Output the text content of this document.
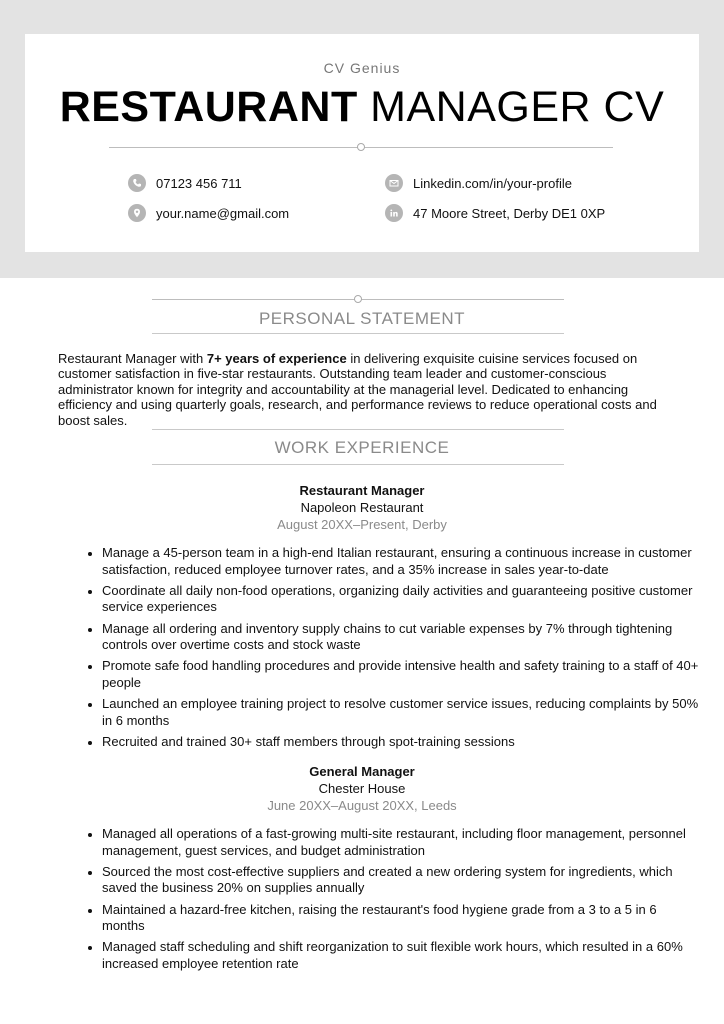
CV Genius
RESTAURANT MANAGER CV
07123 456 711
your.name@gmail.com
Linkedin.com/in/your-profile
47 Moore Street, Derby DE1 0XP
PERSONAL STATEMENT
Restaurant Manager with 7+ years of experience in delivering exquisite cuisine services focused on customer satisfaction in five-star restaurants. Outstanding team leader and customer-conscious administrator known for integrity and accountability at the managerial level. Dedicated to enhancing efficiency and using quarterly goals, research, and performance reviews to reduce operational costs and boost sales.
WORK EXPERIENCE
Restaurant Manager
Napoleon Restaurant
August 20XX–Present, Derby
• Manage a 45-person team in a high-end Italian restaurant, ensuring a continuous increase in customer satisfaction, reduced employee turnover rates, and a 35% increase in sales year-to-date
• Coordinate all daily non-food operations, organizing daily activities and guaranteeing positive customer service experiences
• Manage all ordering and inventory supply chains to cut variable expenses by 7% through tightening controls over overtime costs and stock waste
• Promote safe food handling procedures and provide intensive health and safety training to a staff of 40+ people
• Launched an employee training project to resolve customer service issues, reducing complaints by 50% in 6 months
• Recruited and trained 30+ staff members through spot-training sessions
General Manager
Chester House
June 20XX–August 20XX, Leeds
• Managed all operations of a fast-growing multi-site restaurant, including floor management, personnel management, guest services, and budget administration
• Sourced the most cost-effective suppliers and created a new ordering system for ingredients, which saved the business 20% on supplies annually
• Maintained a hazard-free kitchen, raising the restaurant's food hygiene grade from a 3 to a 5 in 6 months
• Managed staff scheduling and shift reorganization to suit flexible work hours, which resulted in a 60% increased employee retention rate
